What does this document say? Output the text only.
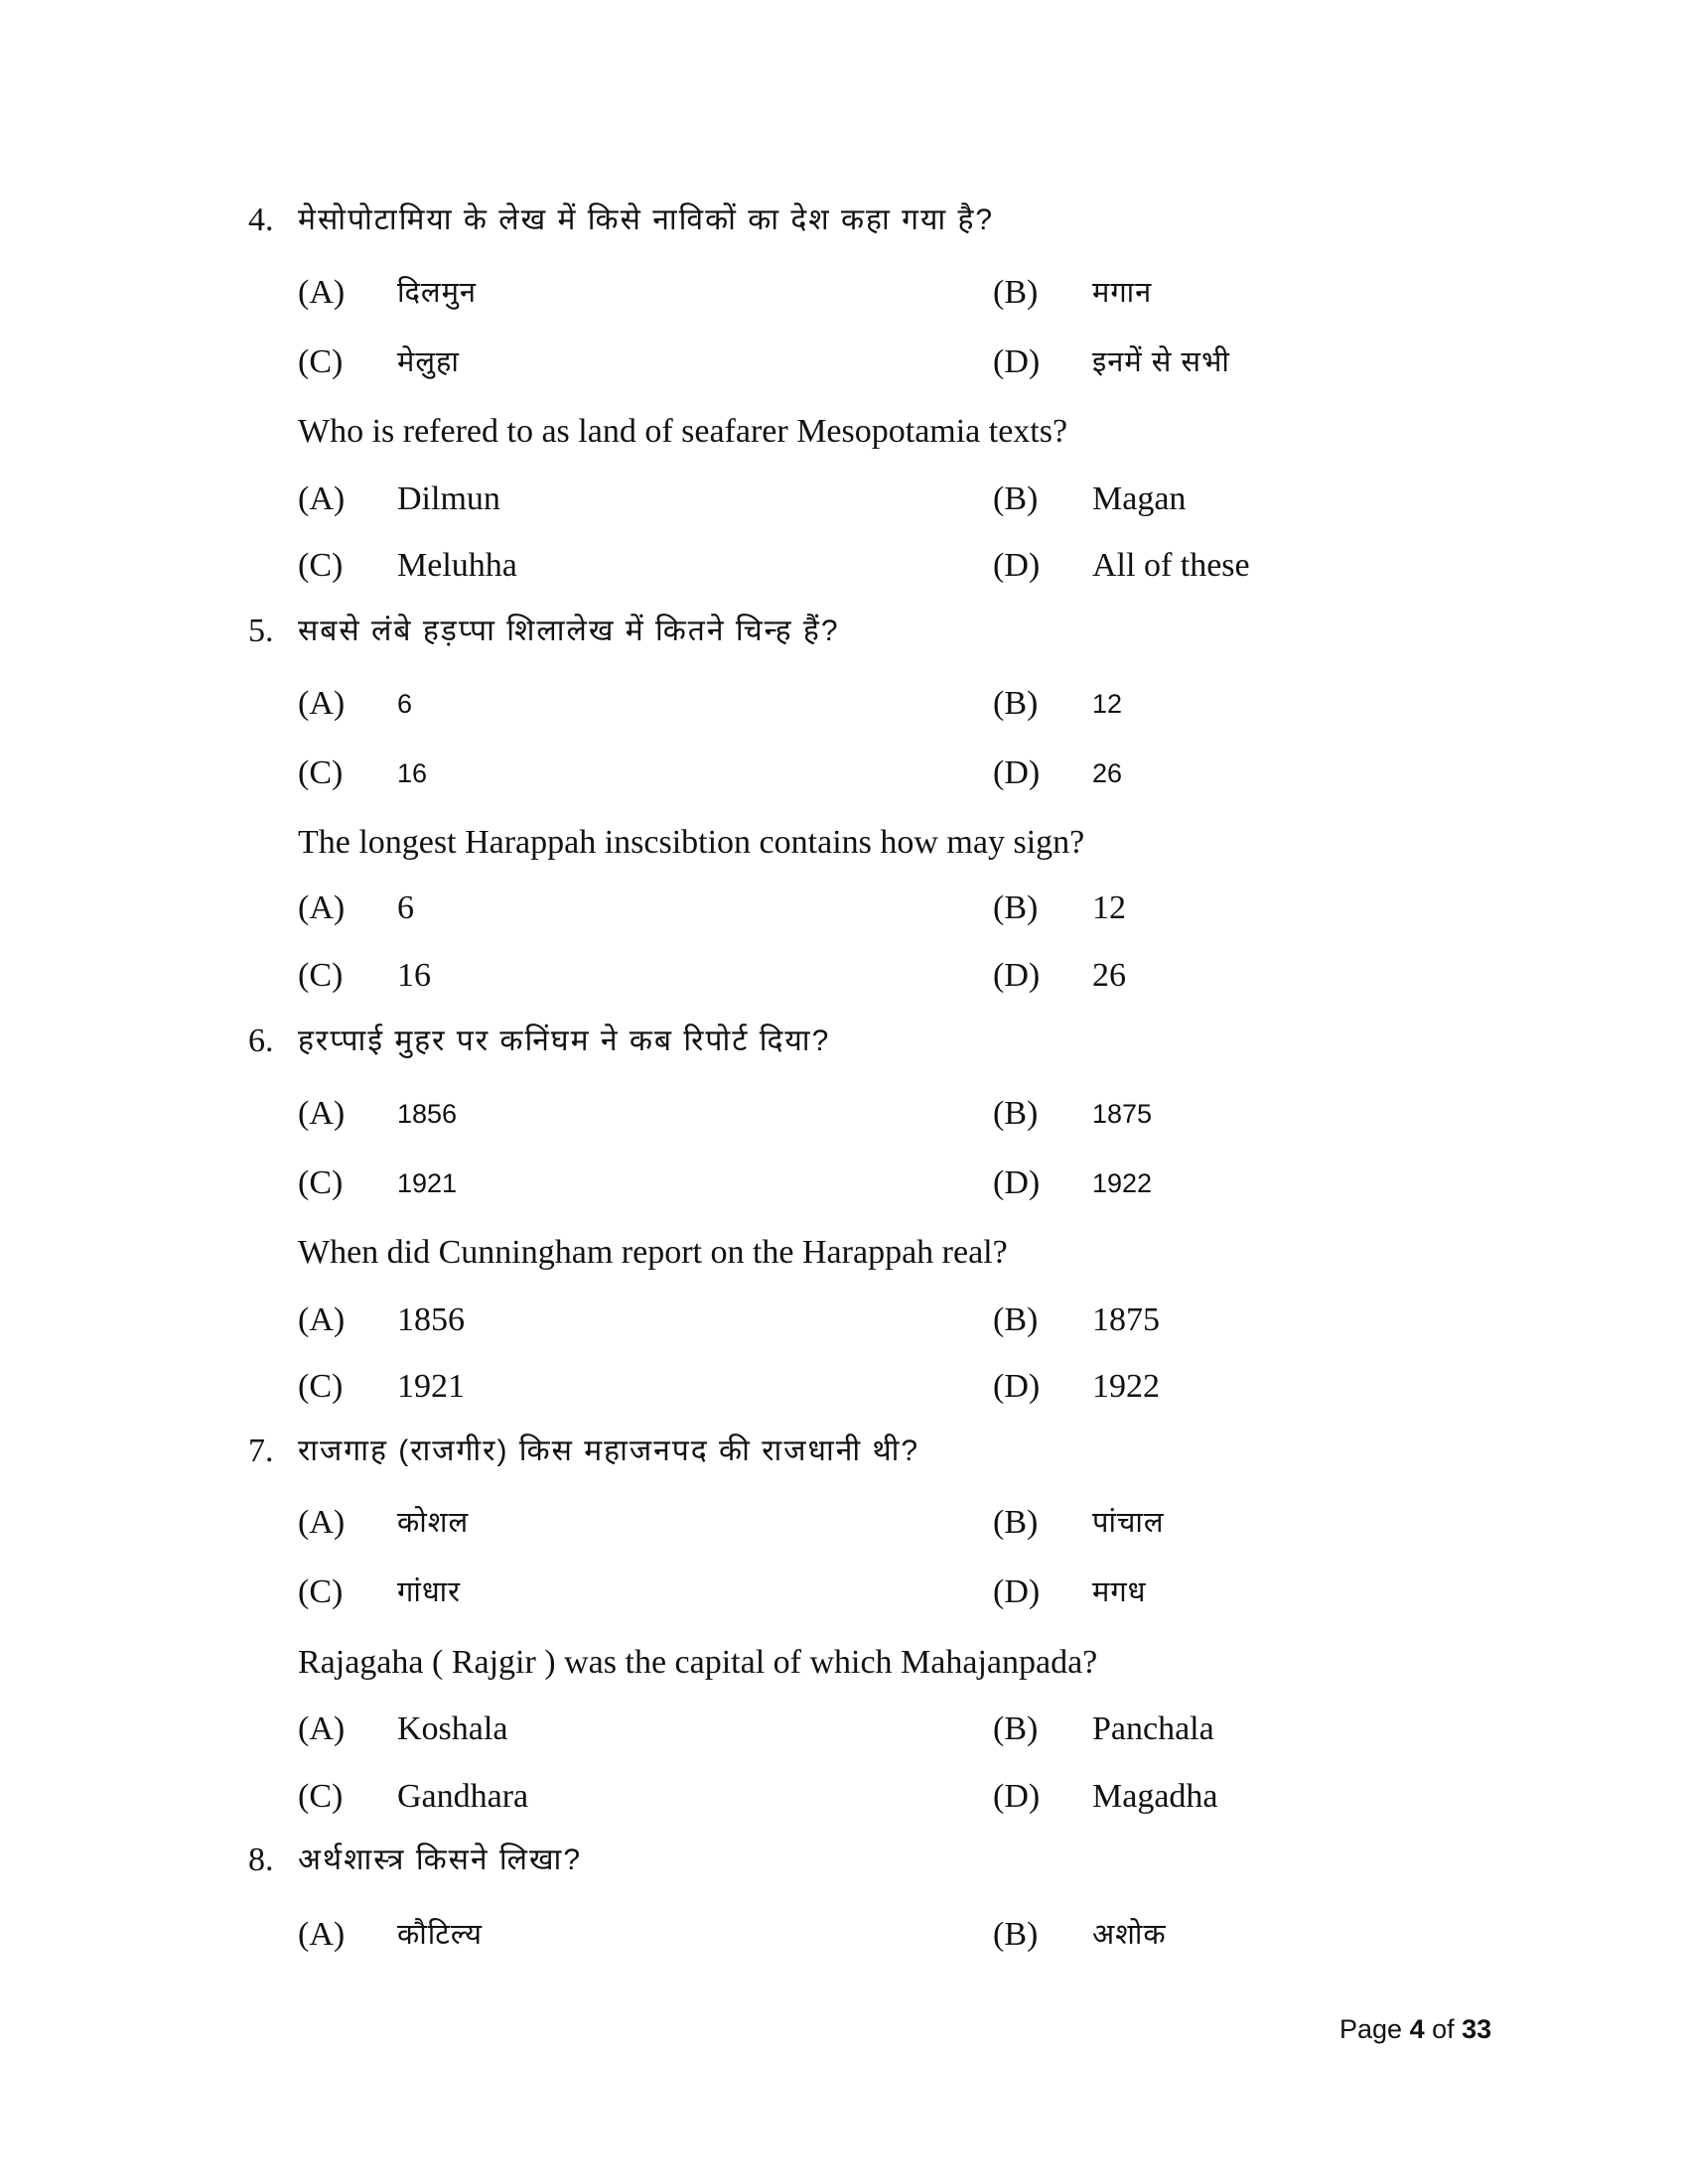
4. मेसोपोटामिया के लेख में किसे नाविकों का देश कहा गया है?
(A) दिलमुन	(B) मगान
(C) मेलुहा	(D) इनमें से सभी
Who is refered to as land of seafarer Mesopotamia texts?
(A) Dilmun	(B) Magan
(C) Meluhha	(D) All of these
5. सबसे लंबे हड़प्पा शिलालेख में कितने चिन्ह हैं?
(A) 6	(B) 12
(C) 16	(D) 26
The longest Harappah inscsibtion contains how may sign?
(A) 6	(B) 12
(C) 16	(D) 26
6. हरप्पाई मुहर पर कनिंघम ने कब रिपोर्ट दिया?
(A) 1856	(B) 1875
(C) 1921	(D) 1922
When did Cunningham report on the Harappah real?
(A) 1856	(B) 1875
(C) 1921	(D) 1922
7. राजगाह (राजगीर) किस महाजनपद की राजधानी थी?
(A) कोशल	(B) पांचाल
(C) गांधार	(D) मगध
Rajagaha ( Rajgir ) was the capital of which Mahajanpada?
(A) Koshala	(B) Panchala
(C) Gandhara	(D) Magadha
8. अर्थशास्त्र किसने लिखा?
(A) कौटिल्य	(B) अशोक
Page 4 of 33
